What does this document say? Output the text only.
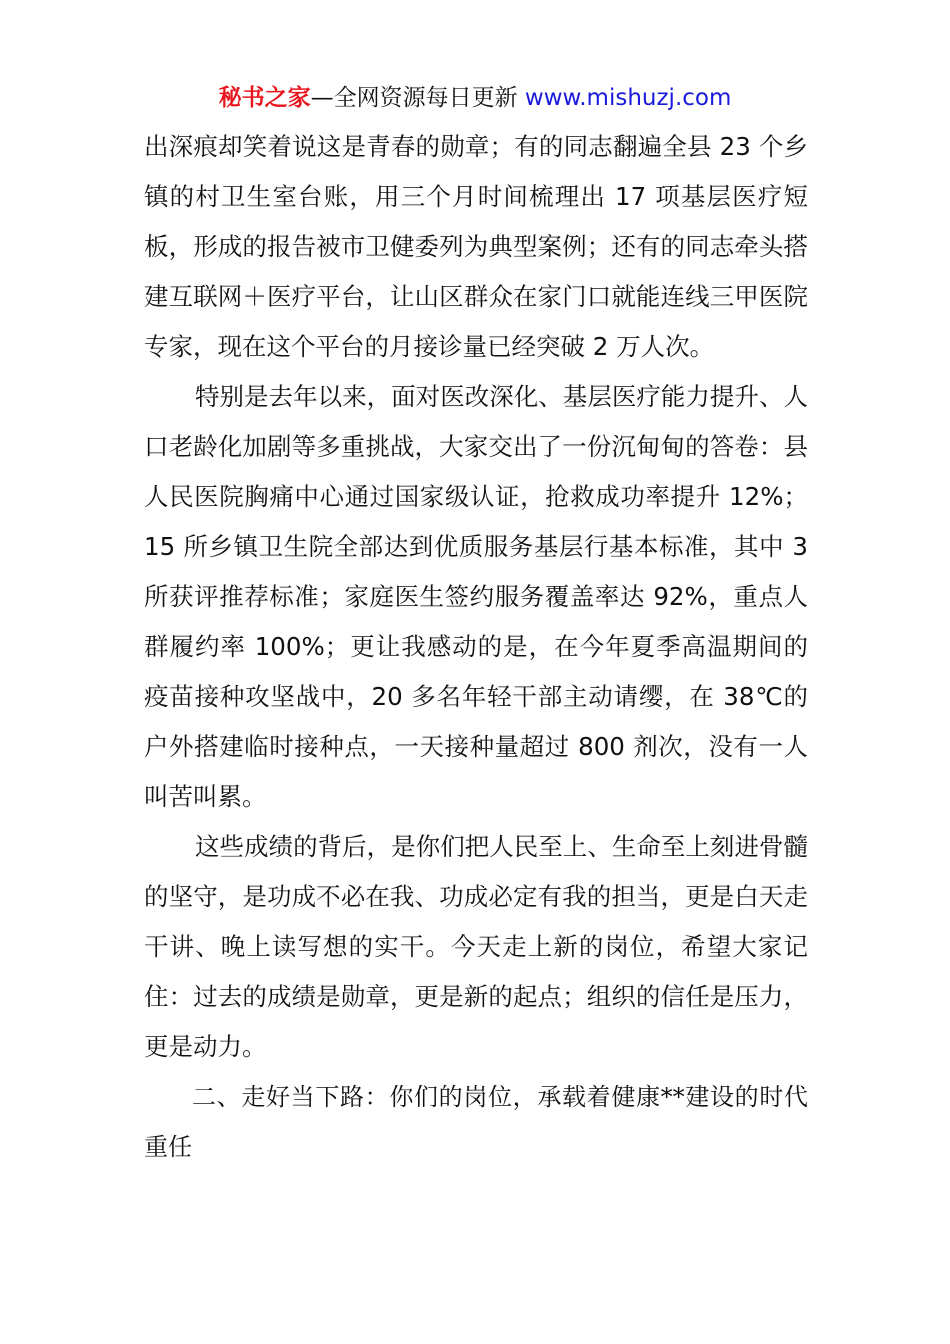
秘书之家—全网资源每日更新 www.mishuzj.com

出深痕却笑着说这是青春的勋章；有的同志翻遍全县 23 个乡镇的村卫生室台账，用三个月时间梳理出 17 项基层医疗短板，形成的报告被市卫健委列为典型案例；还有的同志牵头搭建互联网＋医疗平台，让山区群众在家门口就能连线三甲医院专家，现在这个平台的月接诊量已经突破 2 万人次。

特别是去年以来，面对医改深化、基层医疗能力提升、人口老龄化加剧等多重挑战，大家交出了一份沉甸甸的答卷：县人民医院胸痛中心通过国家级认证，抢救成功率提升 12%；15 所乡镇卫生院全部达到优质服务基层行基本标准，其中 3 所获评推荐标准；家庭医生签约服务覆盖率达 92%，重点人群履约率 100%；更让我感动的是，在今年夏季高温期间的疫苗接种攻坚战中，20 多名年轻干部主动请缨，在 38℃的户外搭建临时接种点，一天接种量超过 800 剂次，没有一人叫苦叫累。

这些成绩的背后，是你们把人民至上、生命至上刻进骨髓的坚守，是功成不必在我、功成必定有我的担当，更是白天走干讲、晚上读写想的实干。今天走上新的岗位，希望大家记住：过去的成绩是勋章，更是新的起点；组织的信任是压力，更是动力。

二、走好当下路：你们的岗位，承载着健康**建设的时代重任
